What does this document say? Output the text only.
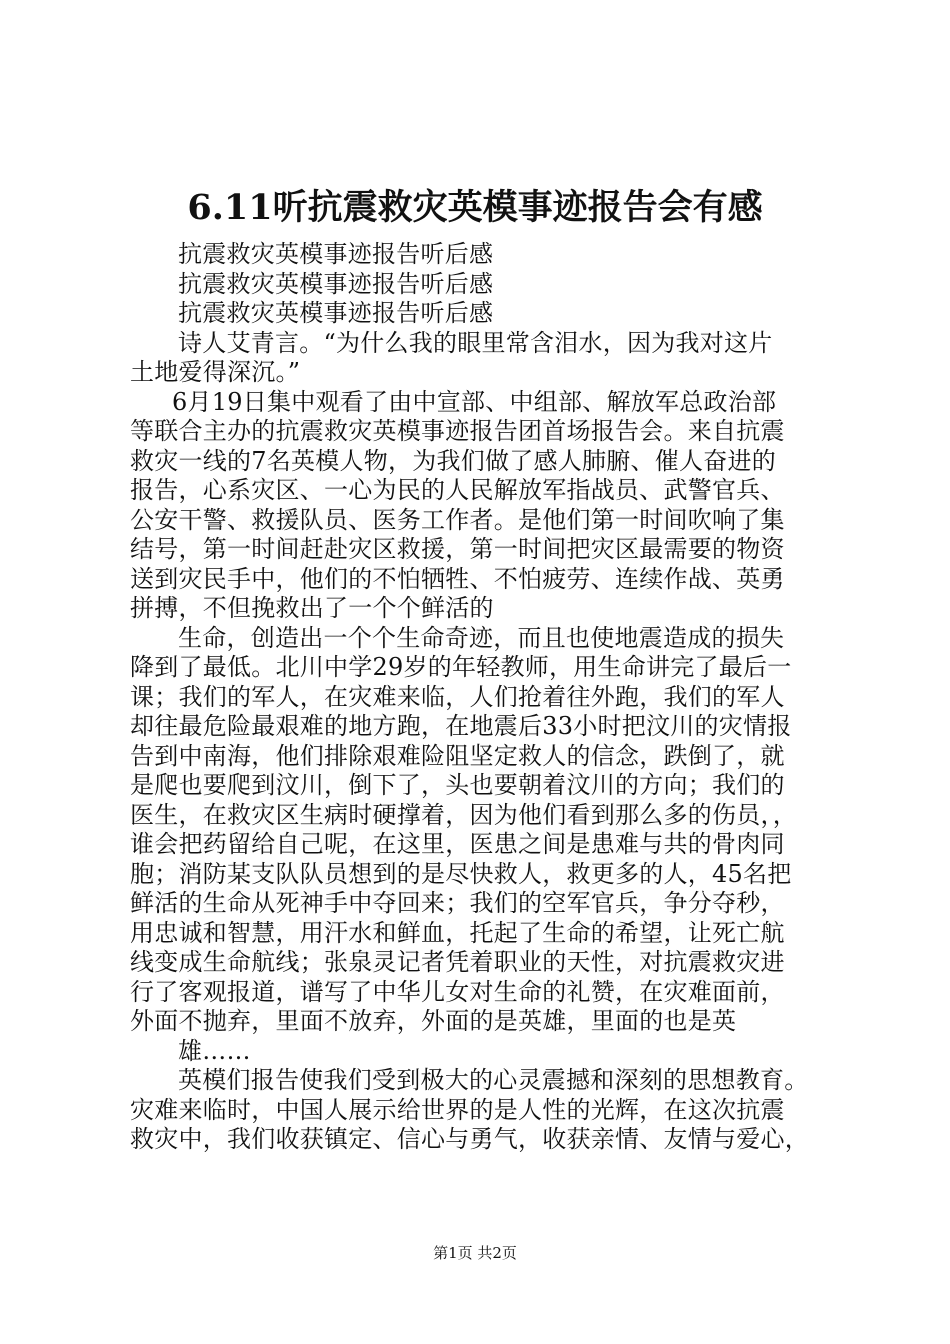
6.11听抗震救灾英模事迹报告会有感
抗震救灾英模事迹报告听后感
抗震救灾英模事迹报告听后感
抗震救灾英模事迹报告听后感
诗人艾青言。“为什么我的眼里常含泪水，因为我对这片
土地爱得深沉。”
6月19日集中观看了由中宣部、中组部、解放军总政治部
等联合主办的抗震救灾英模事迹报告团首场报告会。来自抗震
救灾一线的7名英模人物，为我们做了感人肺腑、催人奋进的
报告，心系灾区、一心为民的人民解放军指战员、武警官兵、
公安干警、救援队员、医务工作者。是他们第一时间吹响了集
结号，第一时间赶赴灾区救援，第一时间把灾区最需要的物资
送到灾民手中，他们的不怕牺牲、不怕疲劳、连续作战、英勇
拼搏，不但挽救出了一个个鲜活的
生命，创造出一个个生命奇迹，而且也使地震造成的损失
降到了最低。北川中学29岁的年轻教师，用生命讲完了最后一
课；我们的军人，在灾难来临，人们抢着往外跑，我们的军人
却往最危险最艰难的地方跑，在地震后33小时把汶川的灾情报
告到中南海，他们排除艰难险阻坚定救人的信念，跌倒了，就
是爬也要爬到汶川，倒下了，头也要朝着汶川的方向；我们的
医生，在救灾区生病时硬撑着，因为他们看到那么多的伤员，，
谁会把药留给自己呢，在这里，医患之间是患难与共的骨肉同
胞；消防某支队队员想到的是尽快救人，救更多的人，45名把
鲜活的生命从死神手中夺回来；我们的空军官兵，争分夺秒，
用忠诚和智慧，用汗水和鲜血，托起了生命的希望，让死亡航
线变成生命航线；张泉灵记者凭着职业的天性，对抗震救灾进
行了客观报道，谱写了中华儿女对生命的礼赞，在灾难面前，
外面不抛弃，里面不放弃，外面的是英雄，里面的也是英
雄……
英模们报告使我们受到极大的心灵震撼和深刻的思想教育。
灾难来临时，中国人展示给世界的是人性的光辉，在这次抗震
救灾中，我们收获镇定、信心与勇气，收获亲情、友情与爱心，
第1页 共2页
